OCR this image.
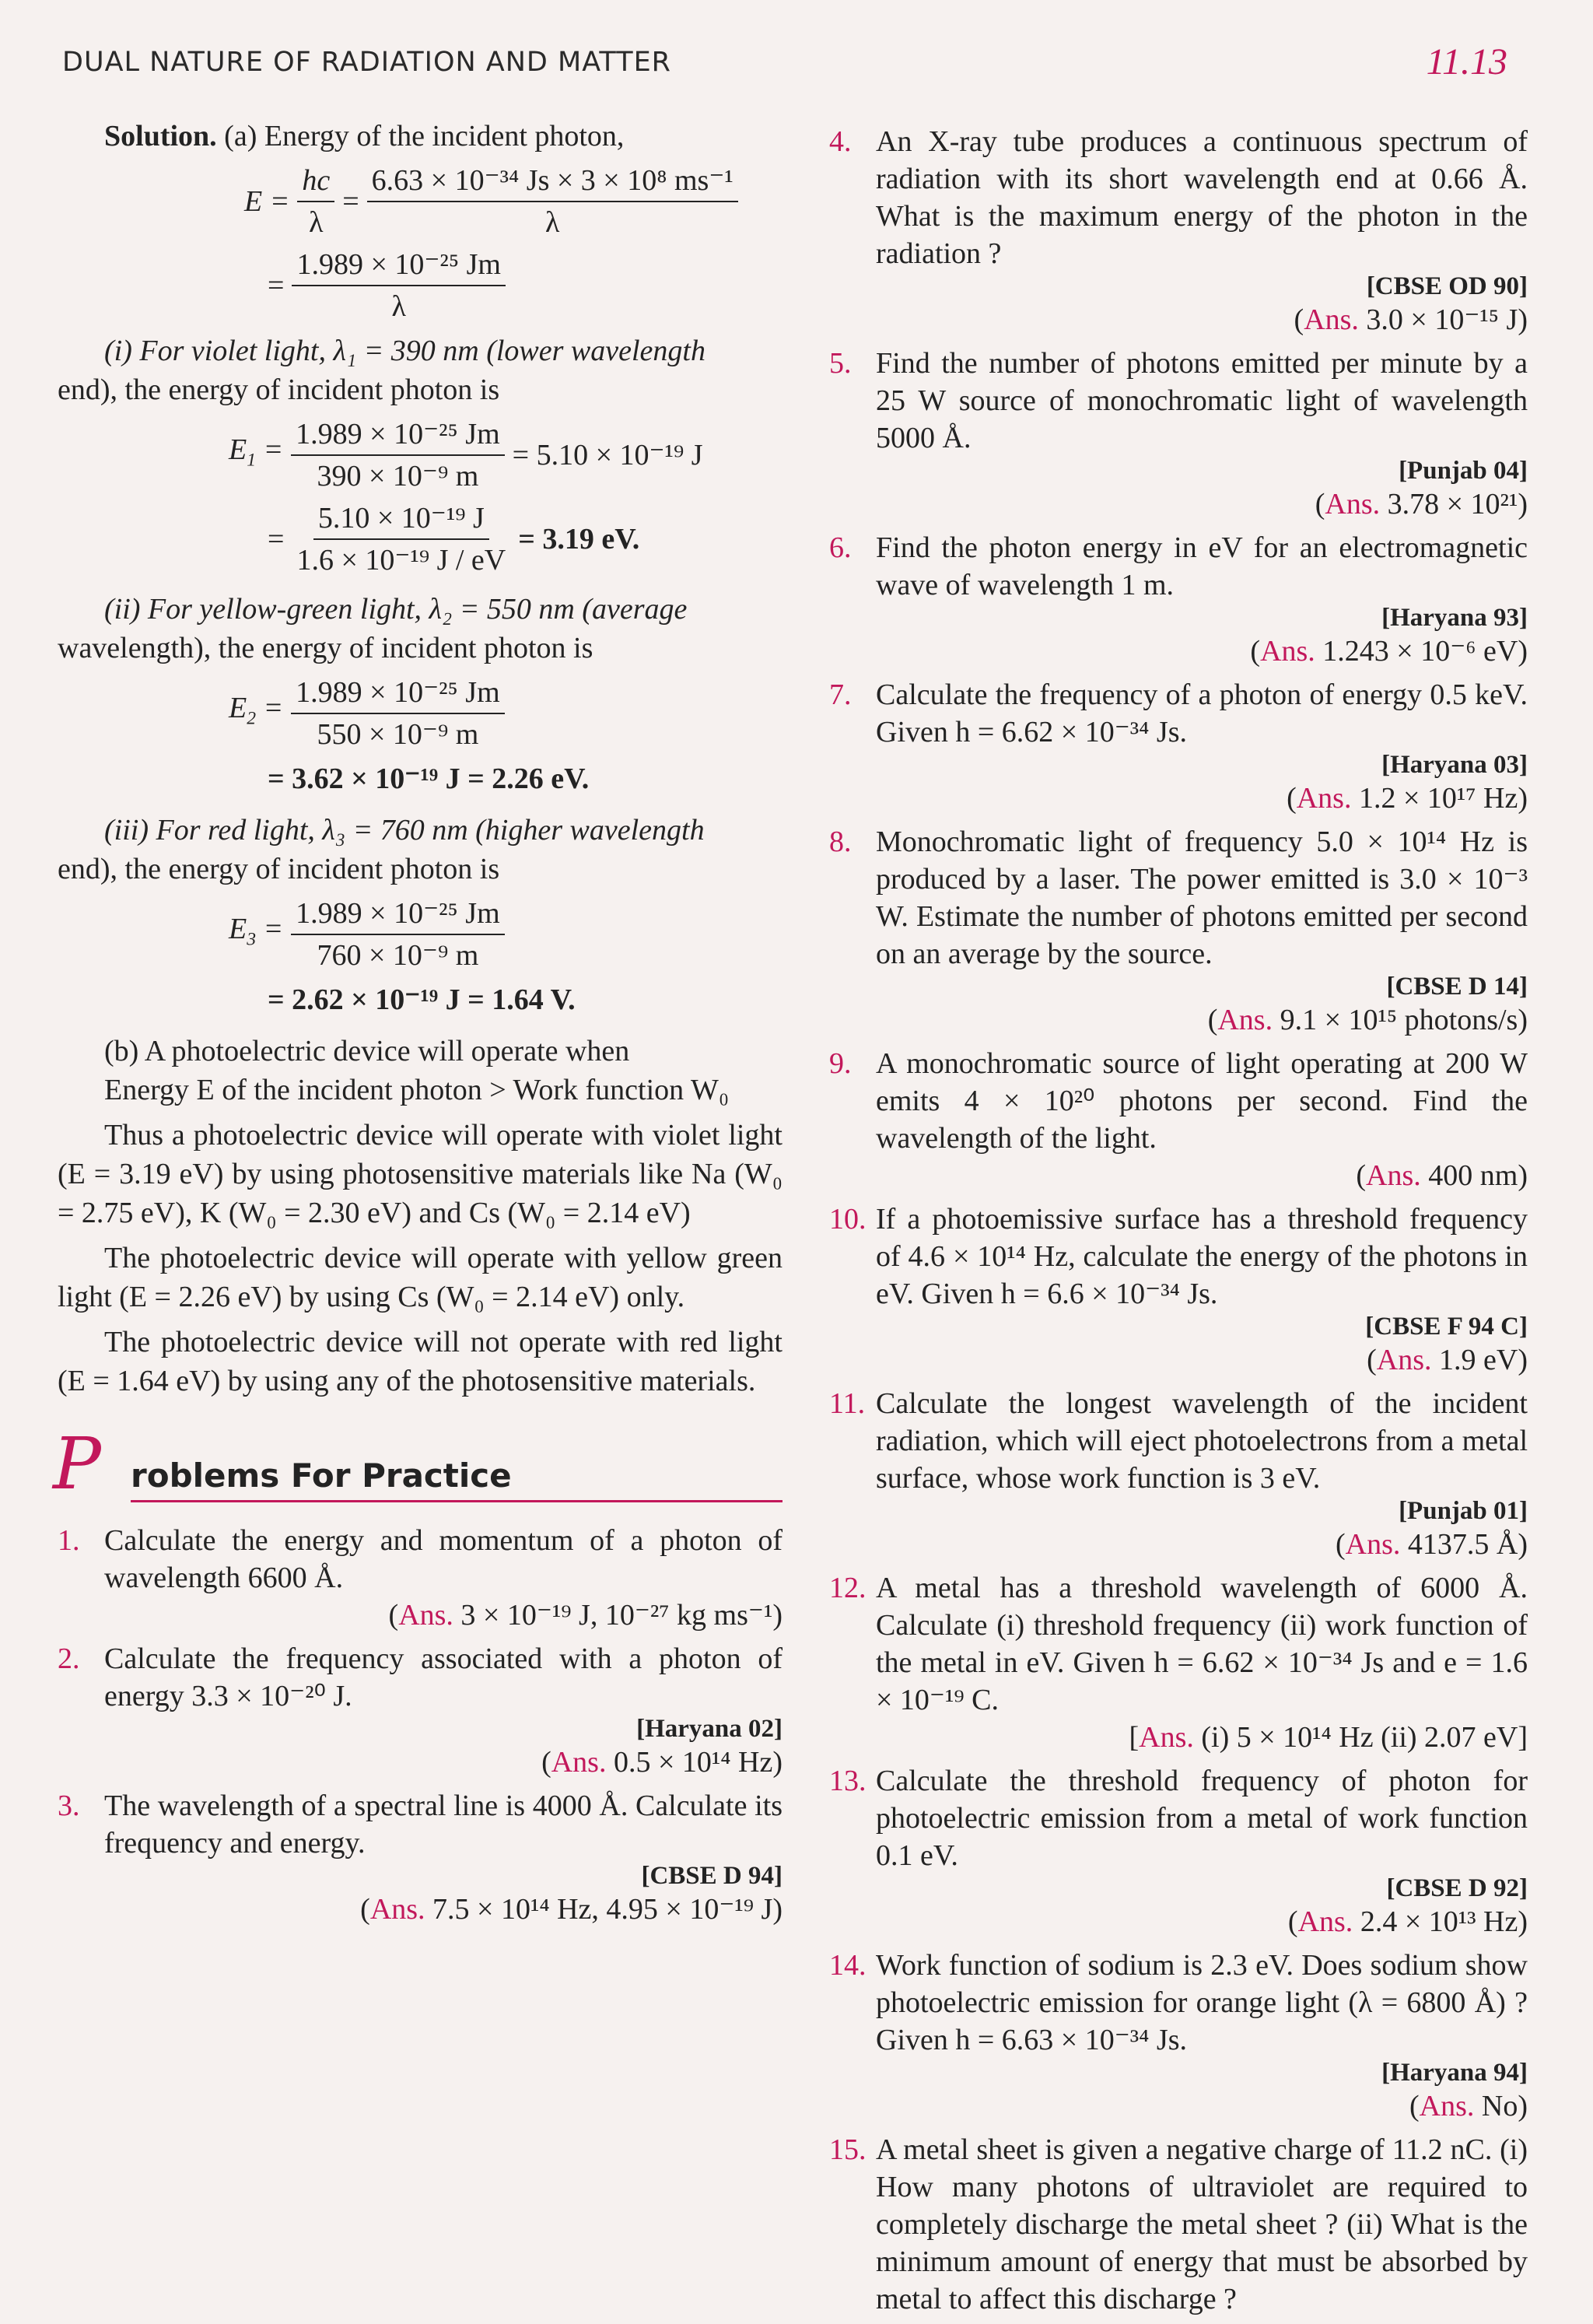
DUAL NATURE OF RADIATION AND MATTER	11.13

Solution. (a) Energy of the incident photon,

$E = \frac{hc}{\lambda} = \frac{\text{6.63 × 10⁻³⁴ Js × 3 × 10⁸ ms⁻¹}}{\lambda}$
= $\frac{\text{1.989 × 10⁻²⁵ Jm}}{\lambda}$

(i) For violet light, λ₁ = 390 nm (lower wavelength

end), the energy of incident photon is

$E_1 = \frac{\text{1.989 × 10⁻²⁵ Jm}}{\text{390 × 10⁻⁹ m}} = 5.10 \times 10^{-19}$ J
= $\frac{\text{5.10 × 10⁻¹⁹ J}}{\text{1.6 × 10⁻¹⁹ J / eV}} = 3.19$ eV.

(ii) For yellow-green light, λ₂ = 550 nm (average

wavelength), the energy of incident photon is

$E_2 = \frac{\text{1.989 × 10⁻²⁵ Jm}}{\text{550 × 10⁻⁹ m}}$

= 3.62 × 10⁻¹⁹ J = 2.26 eV.

(iii) For red light, λ₃ = 760 nm (higher wavelength

end), the energy of incident photon is

$E_3 = \frac{\text{1.989 × 10⁻²⁵ Jm}}{\text{760 × 10⁻⁹ m}}$

= 2.62 × 10⁻¹⁹ J = 1.64 V.

(b) A photoelectric device will operate when

Energy E of the incident photon > Work function W₀

Thus a photoelectric device will operate with violet light (E = 3.19 eV) by using photosensitive materials like Na (W₀ = 2.75 eV), K (W₀ = 2.30 eV) and Cs (W₀ = 2.14 eV)

The photoelectric device will operate with yellow green light (E = 2.26 eV) by using Cs (W₀ = 2.14 eV) only.

The photoelectric device will not operate with red light (E = 1.64 eV) by using any of the photosensitive materials.

P roblems For Practice
1. Calculate the energy and momentum of a photon of wavelength 6600 Å.
(Ans. 3 × 10⁻¹⁹ J, 10⁻²⁷ kg ms⁻¹)
2. Calculate the frequency associated with a photon of energy 3.3 × 10⁻²⁰ J.
[Haryana 02]
(Ans. 0.5 × 10¹⁴ Hz)
3. The wavelength of a spectral line is 4000 Å. Calculate its frequency and energy.
[CBSE D 94]
(Ans. 7.5 × 10¹⁴ Hz, 4.95 × 10⁻¹⁹ J)
4. An X-ray tube produces a continuous spectrum of radiation with its short wavelength end at 0.66 Å. What is the maximum energy of the photon in the radiation ?
[CBSE OD 90]
(Ans. 3.0 × 10⁻¹⁵ J)
5. Find the number of photons emitted per minute by a 25 W source of monochromatic light of wavelength 5000 Å.
[Punjab 04]
(Ans. 3.78 × 10²¹)
6. Find the photon energy in eV for an electromagnetic wave of wavelength 1 m.
[Haryana 93]
(Ans. 1.243 × 10⁻⁶ eV)
7. Calculate the frequency of a photon of energy 0.5 keV. Given h = 6.62 × 10⁻³⁴ Js.
[Haryana 03]
(Ans. 1.2 × 10¹⁷ Hz)
8. Monochromatic light of frequency 5.0 × 10¹⁴ Hz is produced by a laser. The power emitted is 3.0 × 10⁻³ W. Estimate the number of photons emitted per second on an average by the source.
[CBSE D 14]
(Ans. 9.1 × 10¹⁵ photons/s)
9. A monochromatic source of light operating at 200 W emits 4 × 10²⁰ photons per second. Find the wavelength of the light.
(Ans. 400 nm)
10. If a photoemissive surface has a threshold frequency of 4.6 × 10¹⁴ Hz, calculate the energy of the photons in eV. Given h = 6.6 × 10⁻³⁴ Js.
[CBSE F 94 C]
(Ans. 1.9 eV)
11. Calculate the longest wavelength of the incident radiation, which will eject photoelectrons from a metal surface, whose work function is 3 eV.
[Punjab 01]
(Ans. 4137.5 Å)
12. A metal has a threshold wavelength of 6000 Å. Calculate (i) threshold frequency (ii) work function of the metal in eV. Given h = 6.62 × 10⁻³⁴ Js and e = 1.6 × 10⁻¹⁹ C.
[Ans. (i) 5 × 10¹⁴ Hz (ii) 2.07 eV]
13. Calculate the threshold frequency of photon for photoelectric emission from a metal of work function 0.1 eV.
[CBSE D 92]
(Ans. 2.4 × 10¹³ Hz)
14. Work function of sodium is 2.3 eV. Does sodium show photoelectric emission for orange light (λ = 6800 Å) ? Given h = 6.63 × 10⁻³⁴ Js.
[Haryana 94]
(Ans. No)
15. A metal sheet is given a negative charge of 11.2 nC. (i) How many photons of ultraviolet are required to completely discharge the metal sheet ? (ii) What is the minimum amount of energy that must be absorbed by metal to affect this discharge ?
